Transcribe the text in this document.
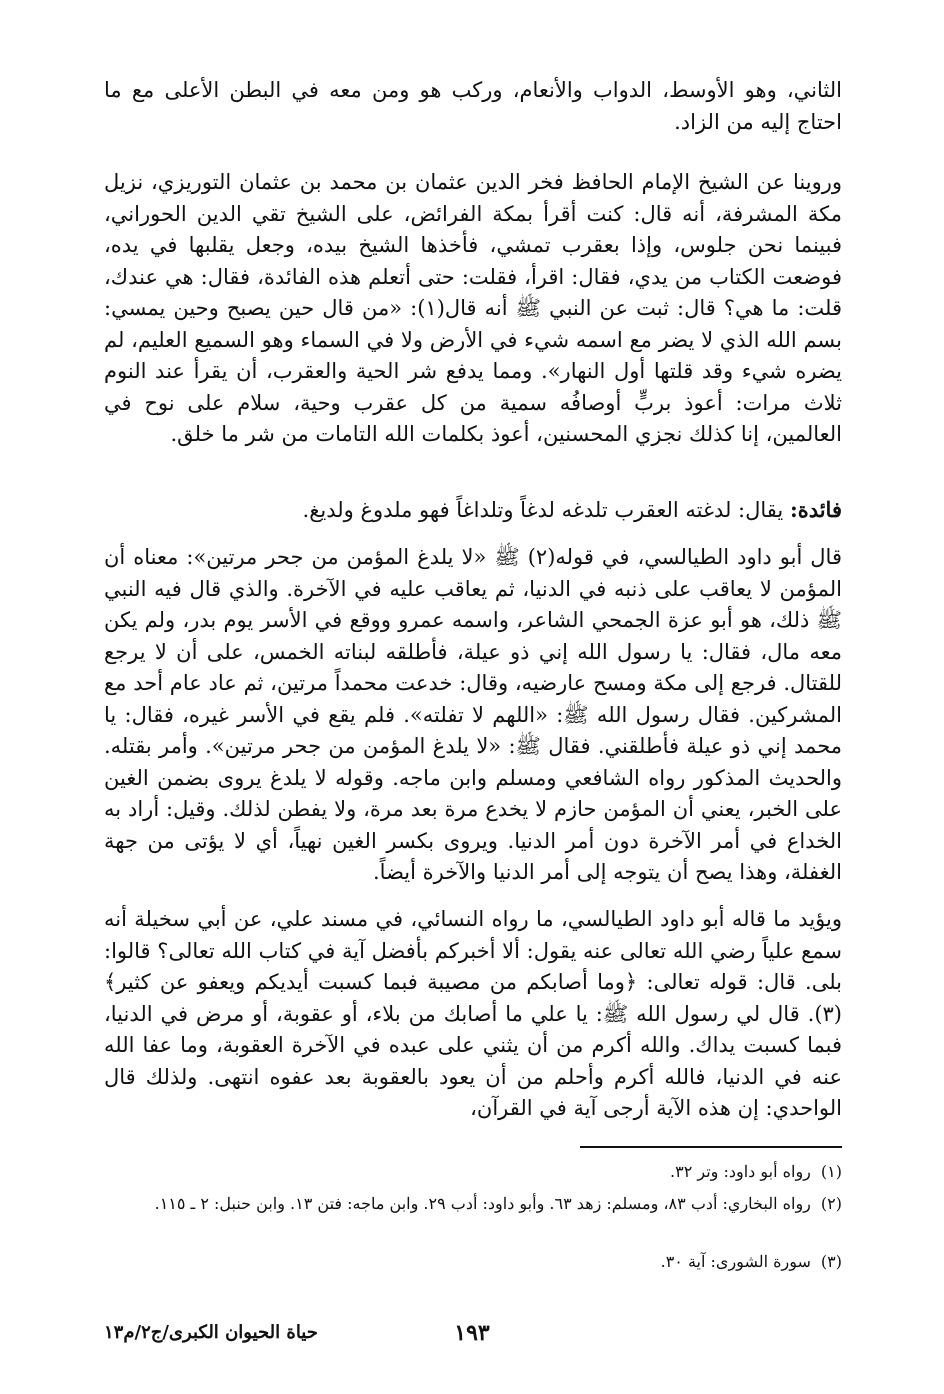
الثاني، وهو الأوسط، الدواب والأنعام، وركب هو ومن معه في البطن الأعلى مع ما احتاج إليه من الزاد.

وروينا عن الشيخ الإمام الحافظ فخر الدين عثمان بن محمد بن عثمان التوريزي، نزيل مكة المشرفة، أنه قال: كنت أقرأ بمكة الفرائض، على الشيخ تقي الدين الحوراني، فبينما نحن جلوس، وإذا بعقرب تمشي، فأخذها الشيخ بيده، وجعل يقلبها في يده، فوضعت الكتاب من يدي، فقال: اقرأ، فقلت: حتى أتعلم هذه الفائدة، فقال: هي عندك، قلت: ما هي؟ قال: ثبت عن النبي ﷺ أنه قال(١): «من قال حين يصبح وحين يمسي: بسم الله الذي لا يضر مع اسمه شيء في الأرض ولا في السماء وهو السميع العليم، لم يضره شيء وقد قلتها أول النهار». ومما يدفع شر الحية والعقرب، أن يقرأ عند النوم ثلاث مرات: أعوذ بربٍّ أوصافُه سمية من كل عقرب وحية، سلام على نوح في العالمين، إنا كذلك نجزي المحسنين، أعوذ بكلمات الله التامات من شر ما خلق.

فائدة: يقال: لدغته العقرب تلدغه لدغاً وتلداغاً فهو ملدوغ ولديغ.

قال أبو داود الطيالسي، في قوله(٢) ﷺ «لا يلدغ المؤمن من جحر مرتين»: معناه أن المؤمن لا يعاقب على ذنبه في الدنيا، ثم يعاقب عليه في الآخرة. والذي قال فيه النبي ﷺ ذلك، هو أبو عزة الجمحي الشاعر، واسمه عمرو ووقع في الأسر يوم بدر، ولم يكن معه مال، فقال: يا رسول الله إني ذو عيلة، فأطلقه لبناته الخمس، على أن لا يرجع للقتال. فرجع إلى مكة ومسح عارضيه، وقال: خدعت محمداً مرتين، ثم عاد عام أحد مع المشركين. فقال رسول الله ﷺ: «اللهم لا تفلته». فلم يقع في الأسر غيره، فقال: يا محمد إني ذو عيلة فأطلقني. فقال ﷺ: «لا يلدغ المؤمن من جحر مرتين». وأمر بقتله. والحديث المذكور رواه الشافعي ومسلم وابن ماجه. وقوله لا يلدغ يروى بضمن الغين على الخبر، يعني أن المؤمن حازم لا يخدع مرة بعد مرة، ولا يفطن لذلك. وقيل: أراد به الخداع في أمر الآخرة دون أمر الدنيا. ويروى بكسر الغين نهياً، أي لا يؤتى من جهة الغفلة، وهذا يصح أن يتوجه إلى أمر الدنيا والآخرة أيضاً.

ويؤيد ما قاله أبو داود الطيالسي، ما رواه النسائي، في مسند علي، عن أبي سخيلة أنه سمع علياً رضي الله تعالى عنه يقول: ألا أخبركم بأفضل آية في كتاب الله تعالى؟ قالوا: بلى. قال: قوله تعالى: ﴿وما أصابكم من مصيبة فبما كسبت أيديكم ويعفو عن كثير﴾(٣). قال لي رسول الله ﷺ: يا علي ما أصابك من بلاء، أو عقوبة، أو مرض في الدنيا، فبما كسبت يداك. والله أكرم من أن يثني على عبده في الآخرة العقوبة، وما عفا الله عنه في الدنيا، فالله أكرم وأحلم من أن يعود بالعقوبة بعد عفوه انتهى. ولذلك قال الواحدي: إن هذه الآية أرجى آية في القرآن،

(١)رواه أبو داود: وتر ٣٢.
(٢)رواه البخاري: أدب ٨٣، ومسلم: زهد ٦٣. وأبو داود: أدب ٢٩. وابن ماجه: فتن ١٣. وابن حنبل: ٢ ـ ١١٥.
(٣)سورة الشورى: آية ٣٠.
١٩٣
حياة الحيوان الكبرى/ج٢/م١٣
